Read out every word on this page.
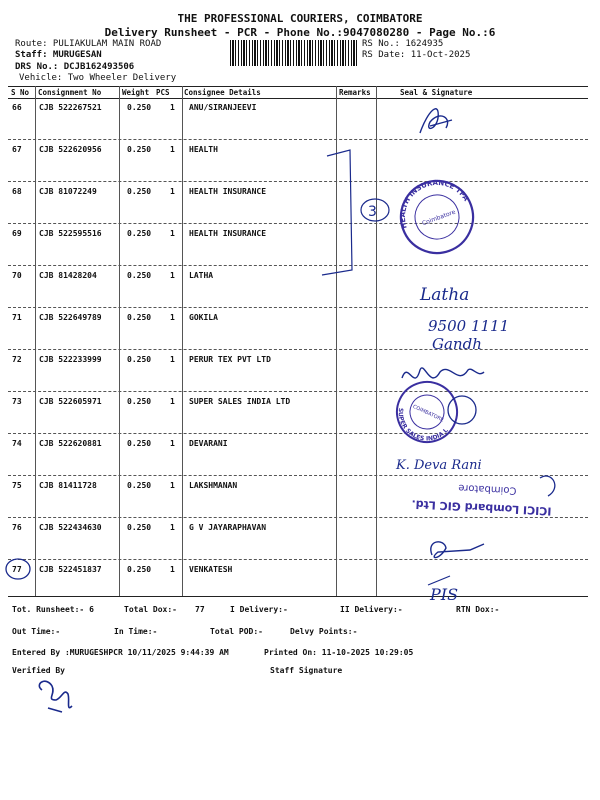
THE PROFESSIONAL COURIERS, COIMBATORE
Delivery Runsheet - PCR - Phone No.:9047080280 - Page No.:6
Route: PULIAKULAM MAIN ROAD
Staff: MURUGESAN
DRS No.: DCJB162493506
Vehicle: Two Wheeler Delivery
RS No.: 1624935
RS Date: 11-Oct-2025
S No Consignment No	Weight PCS Consignee Details	Remarks	Seal & Signature
66 CJB 522267521	0.250 1 ANU/SIRANJEEVI
67 CJB 522620956	0.250 1 HEALTH
68 CJB 81072249	0.250 1 HEALTH INSURANCE
69 CJB 522595516	0.250 1 HEALTH INSURANCE
70 CJB 81428204	0.250 1 LATHA
71 CJB 522649789	0.250 1 GOKILA
72 CJB 522233999	0.250 1 PERUR TEX PVT LTD
73 CJB 522605971	0.250 1 SUPER SALES INDIA LTD
74 CJB 522620881	0.250 1 DEVARANI
75 CJB 81411728	0.250 1 LAKSHMANAN
76 CJB 522434630	0.250 1 G V JAYARAPHAVAN
77 CJB 522451837	0.250 1 VENKATESH
3
HEALTH INSURANCE TPA
Coimbatore
Latha
9500 1111
Gandh
SUPER SALES INDIA LIMITED
COIMBATORE
K. Deva Rani
ICICI Lombard GIC Ltd.
Coimbatore
PIS
Tot. Runsheet:- 6	Total Dox:- 77	I Delivery:-	II Delivery:-	RTN Dox:-
Out Time:-	In Time:-	Total POD:-	Delvy Points:-
Entered By :MURUGESHPCR 10/11/2025 9:44:39 AM	Printed On: 11-10-2025 10:29:05
Verified By	Staff Signature
